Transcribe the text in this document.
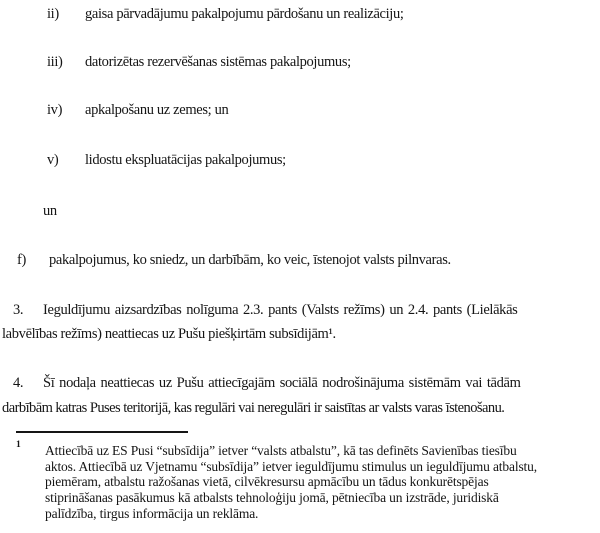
ii) gaisa pārvadājumu pakalpojumu pārdošanu un realizāciju;
iii) datorizētas rezervēšanas sistēmas pakalpojumus;
iv) apkalpošanu uz zemes; un
v) lidostu ekspluatācijas pakalpojumus;
un
f) pakalpojumus, ko sniedz, un darbībām, ko veic, īstenojot valsts pilnvaras.
3. Ieguldījumu aizsardzības nolīguma 2.3. pants (Valsts režīms) un 2.4. pants (Lielākās
labvēlības režīms) neattiecas uz Pušu piešķirtām subsīdijām¹.
4. Šī nodaļa neattiecas uz Pušu attiecīgajām sociālā nodrošinājuma sistēmām vai tādām
darbībām katras Puses teritorijā, kas regulāri vai neregulāri ir saistītas ar valsts varas īstenošanu.
1 Attiecībā uz ES Pusi “subsīdija” ietver “valsts atbalstu”, kā tas definēts Savienības tiesību
aktos. Attiecībā uz Vjetnamu “subsīdija” ietver ieguldījumu stimulus un ieguldījumu atbalstu,
piemēram, atbalstu ražošanas vietā, cilvēkresursu apmācību un tādus konkurētspējas
stiprināšanas pasākumus kā atbalsts tehnoloģiju jomā, pētniecība un izstrāde, juridiskā
palīdzība, tirgus informācija un reklāma.
